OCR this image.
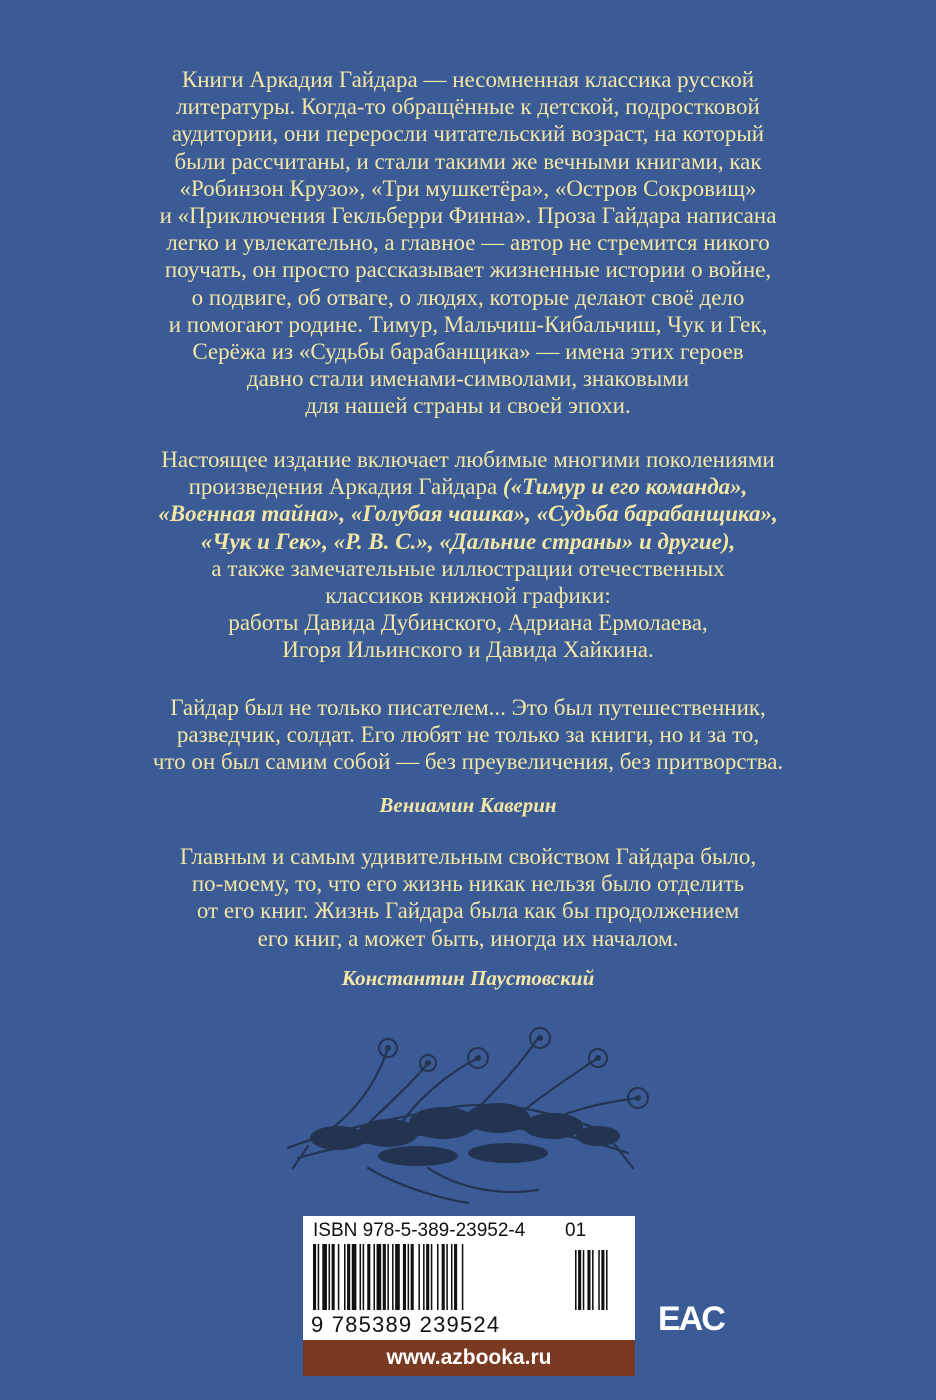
Книги Аркадия Гайдара — несомненная классика русской
литературы. Когда-то обращённые к детской, подростковой
аудитории, они переросли читательский возраст, на который
были рассчитаны, и стали такими же вечными книгами, как
«Робинзон Крузо», «Три мушкетёра», «Остров Сокровищ»
и «Приключения Гекльберри Финна». Проза Гайдара написана
легко и увлекательно, а главное — автор не стремится никого
поучать, он просто рассказывает жизненные истории о войне,
о подвиге, об отваге, о людях, которые делают своё дело
и помогают родине. Тимур, Мальчиш-Кибальчиш, Чук и Гек,
Серёжа из «Судьбы барабанщика» — имена этих героев
давно стали именами-символами, знаковыми
для нашей страны и своей эпохи.
Настоящее издание включает любимые многими поколениями
произведения Аркадия Гайдара («Тимур и его команда»,
«Военная тайна», «Голубая чашка», «Судьба барабанщика»,
«Чук и Гек», «Р. В. С.», «Дальние страны» и другие),
а также замечательные иллюстрации отечественных
классиков книжной графики:
работы Давида Дубинского, Адриана Ермолаева,
Игоря Ильинского и Давида Хайкина.
Гайдар был не только писателем... Это был путешественник,
разведчик, солдат. Его любят не только за книги, но и за то,
что он был самим собой — без преувеличения, без притворства.
Вениамин Каверин
Главным и самым удивительным свойством Гайдара было,
по-моему, то, что его жизнь никак нельзя было отделить
от его книг. Жизнь Гайдара была как бы продолжением
его книг, а может быть, иногда их началом.
Константин Паустовский
ISBN 978-5-389-23952-4 01
9 785389 239524
www.azbooka.ru
EAC
